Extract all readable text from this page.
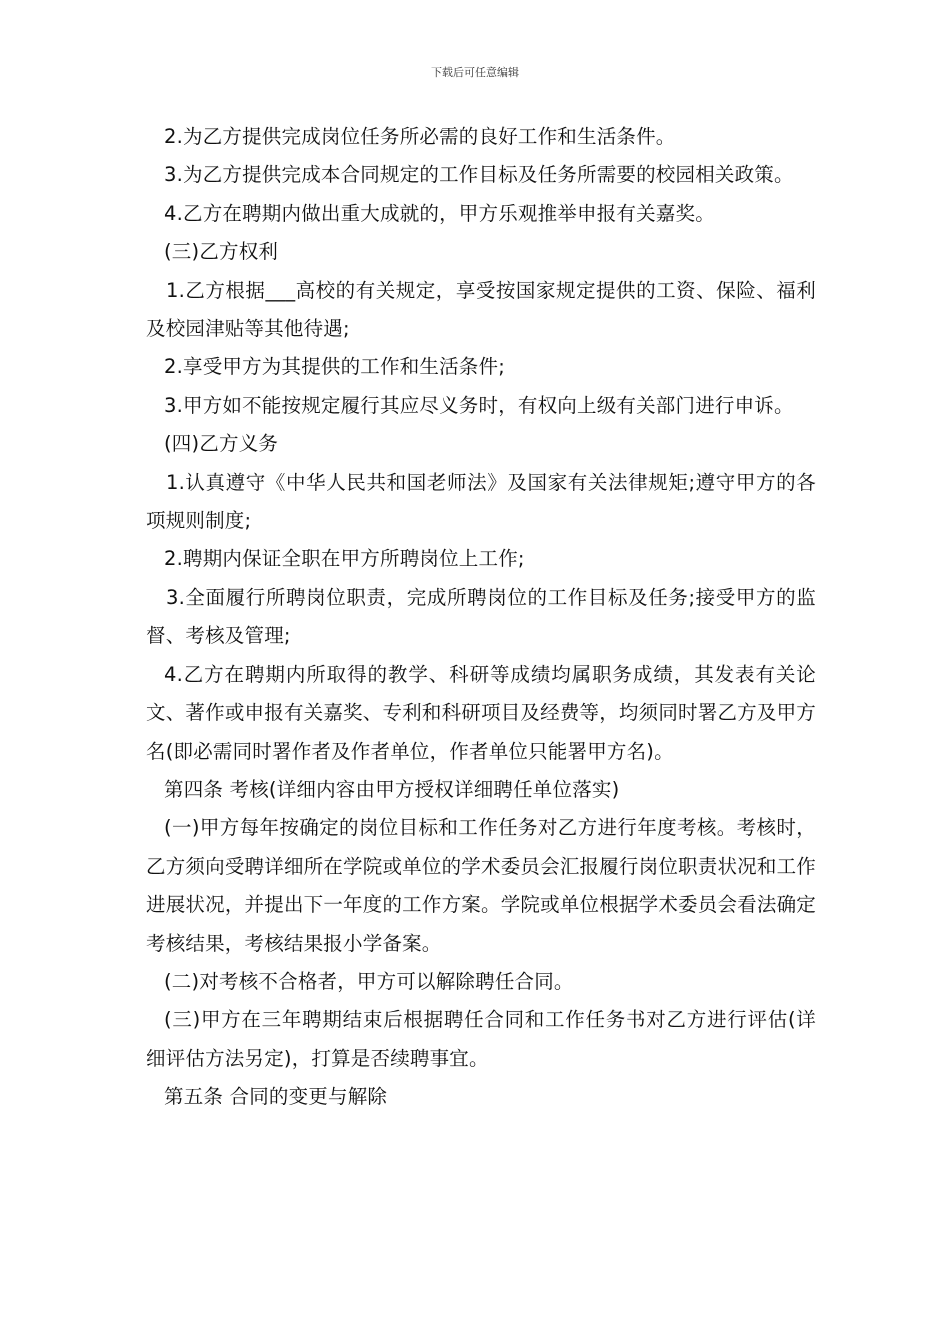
下载后可任意编辑

2.为乙方提供完成岗位任务所必需的良好工作和生活条件。

3.为乙方提供完成本合同规定的工作目标及任务所需要的校园相关政策。

4.乙方在聘期内做出重大成就的，甲方乐观推举申报有关嘉奖。

(三)乙方权利

1.乙方根据___高校的有关规定，享受按国家规定提供的工资、保险、福利及校园津贴等其他待遇;

2.享受甲方为其提供的工作和生活条件;

3.甲方如不能按规定履行其应尽义务时，有权向上级有关部门进行申诉。

(四)乙方义务

1.认真遵守《中华人民共和国老师法》及国家有关法律规矩;遵守甲方的各项规则制度;

2.聘期内保证全职在甲方所聘岗位上工作;

3.全面履行所聘岗位职责，完成所聘岗位的工作目标及任务;接受甲方的监督、考核及管理;

4.乙方在聘期内所取得的教学、科研等成绩均属职务成绩，其发表有关论文、著作或申报有关嘉奖、专利和科研项目及经费等，均须同时署乙方及甲方名(即必需同时署作者及作者单位，作者单位只能署甲方名)。

第四条 考核(详细内容由甲方授权详细聘任单位落实)

(一)甲方每年按确定的岗位目标和工作任务对乙方进行年度考核。考核时，乙方须向受聘详细所在学院或单位的学术委员会汇报履行岗位职责状况和工作进展状况，并提出下一年度的工作方案。学院或单位根据学术委员会看法确定考核结果，考核结果报小学备案。

(二)对考核不合格者，甲方可以解除聘任合同。

(三)甲方在三年聘期结束后根据聘任合同和工作任务书对乙方进行评估(详细评估方法另定)，打算是否续聘事宜。

第五条 合同的变更与解除
